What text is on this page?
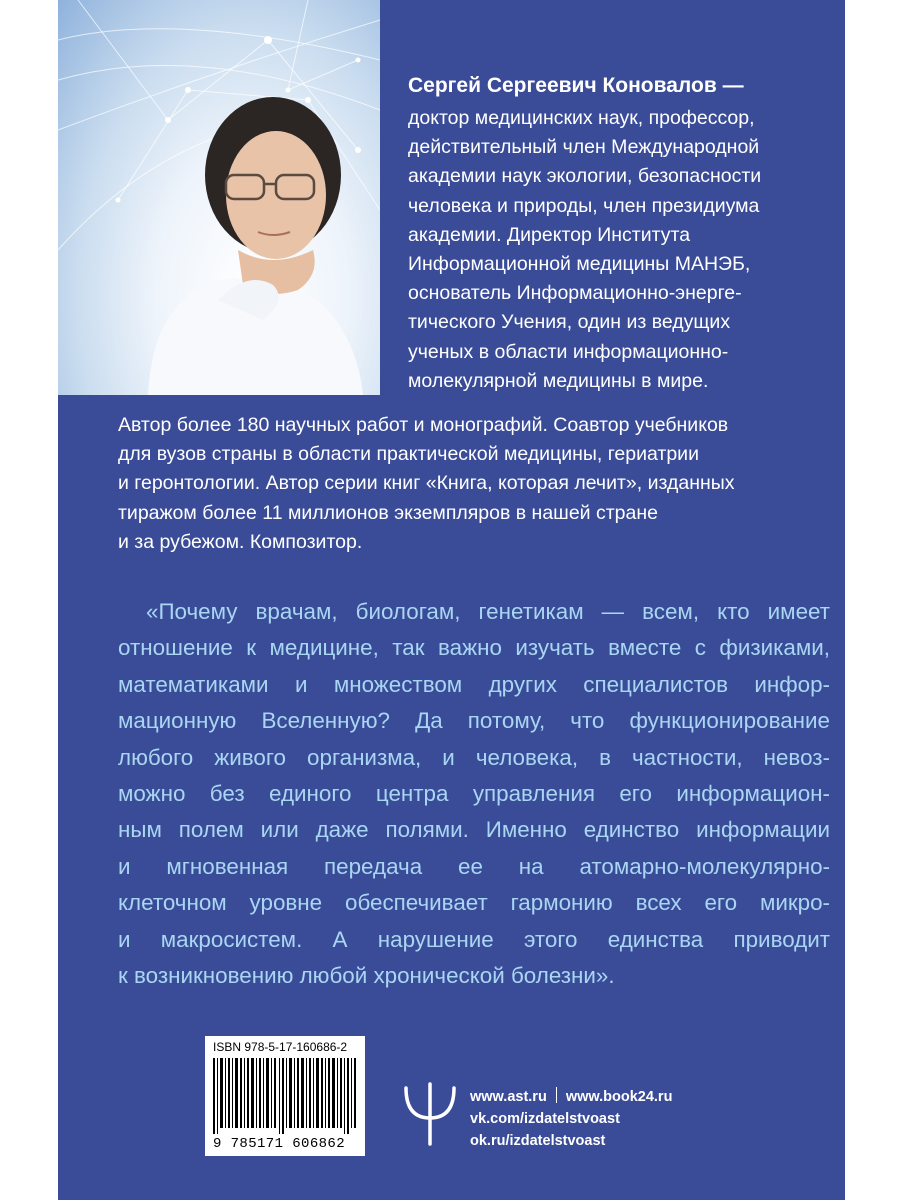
Сергей Сергеевич Коновалов —
доктор медицинских наук, профессор,
действительный член Международной
академии наук экологии, безопасности
человека и природы, член президиума
академии. Директор Института
Информационной медицины МАНЭБ,
основатель Информационно-энерге-
тического Учения, один из ведущих
ученых в области информационно-
молекулярной медицины в мире.
Автор более 180 научных работ и монографий. Соавтор учебников
для вузов страны в области практической медицины, гериатрии
и геронтологии. Автор серии книг «Книга, которая лечит», изданных
тиражом более 11 миллионов экземпляров в нашей стране
и за рубежом. Композитор.
«Почему врачам, биологам, генетикам — всем, кто имеет
отношение к медицине, так важно изучать вместе с физиками,
математиками и множеством других специалистов инфор-
мационную Вселенную? Да потому, что функционирование
любого живого организма, и человека, в частности, невоз-
можно без единого центра управления его информацион-
ным полем или даже полями. Именно единство информации
и мгновенная передача ее на атомарно-молекулярно-
клеточном уровне обеспечивает гармонию всех его микро-
и макросистем. А нарушение этого единства приводит
к возникновению любой хронической болезни».
ISBN 978-5-17-160686-2
9 785171 606862
www.ast.ru www.book24.ru
vk.com/izdatelstvoast
ok.ru/izdatelstvoast
